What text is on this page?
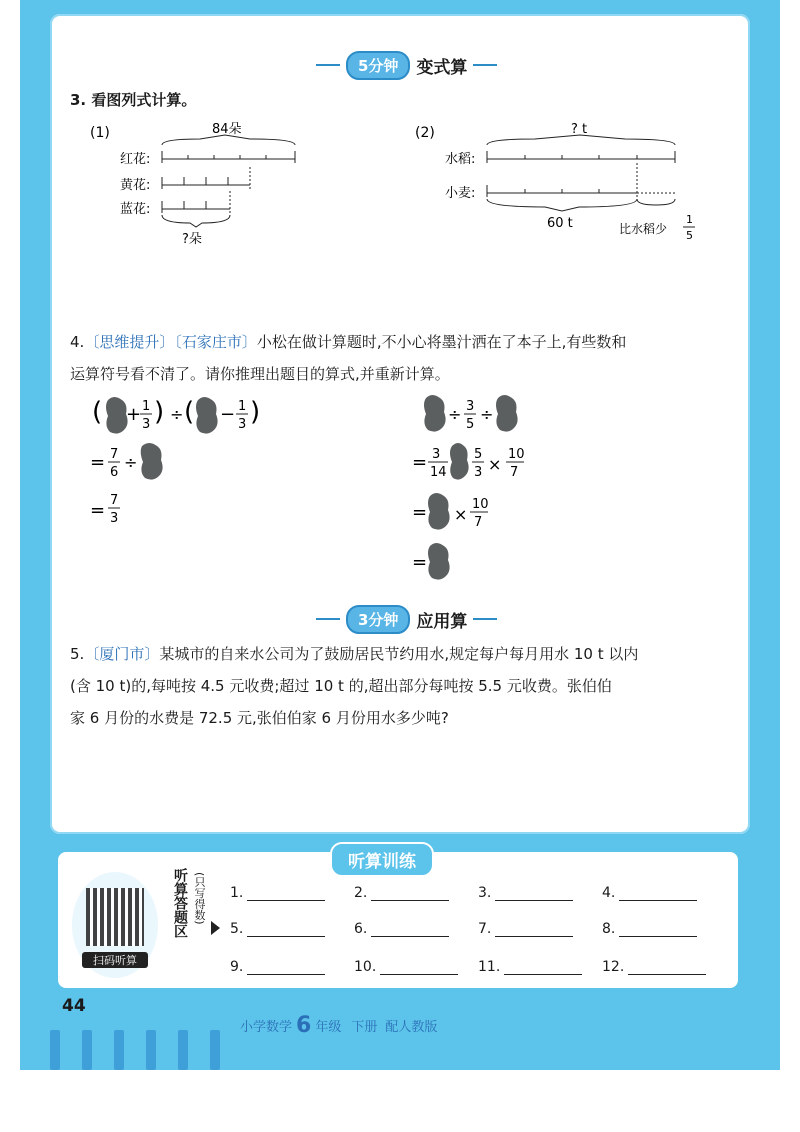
5分钟	变式算
3. 看图列式计算。
(1)	84朵
红花:
黄花:
蓝花:
?朵
(2)	? t
水稻:
小麦:
60 t	比水稻少
1
5
4.〔思维提升〕〔石家庄市〕小松在做计算题时,不小心将墨汁洒在了本子上,有些数和
运算符号看不清了。请你推理出题目的算式,并重新计算。
( + 1
3 ) ÷ ( − 1
3 )
= 7
6
÷
= 7
3
÷ 3
5
÷
= 3
14
5
3 ×
10
7
= ×
10
7
=
3分钟	应用算
5.〔厦门市〕某城市的自来水公司为了鼓励居民节约用水,规定每户每月用水 10 t 以内
(含 10 t)的,每吨按 4.5 元收费;超过 10 t 的,超出部分每吨按 5.5 元收费。张伯伯
家 6 月份的水费是 72.5 元,张伯伯家 6 月份用水多少吨?
听算训练
扫码听算
听算答题区 (只写得数) 1.	2.	3.	4.
5.	6.	7.	8.
9.	10.	11.	12.
44
小学数学 6 年级 下册 配人教版
